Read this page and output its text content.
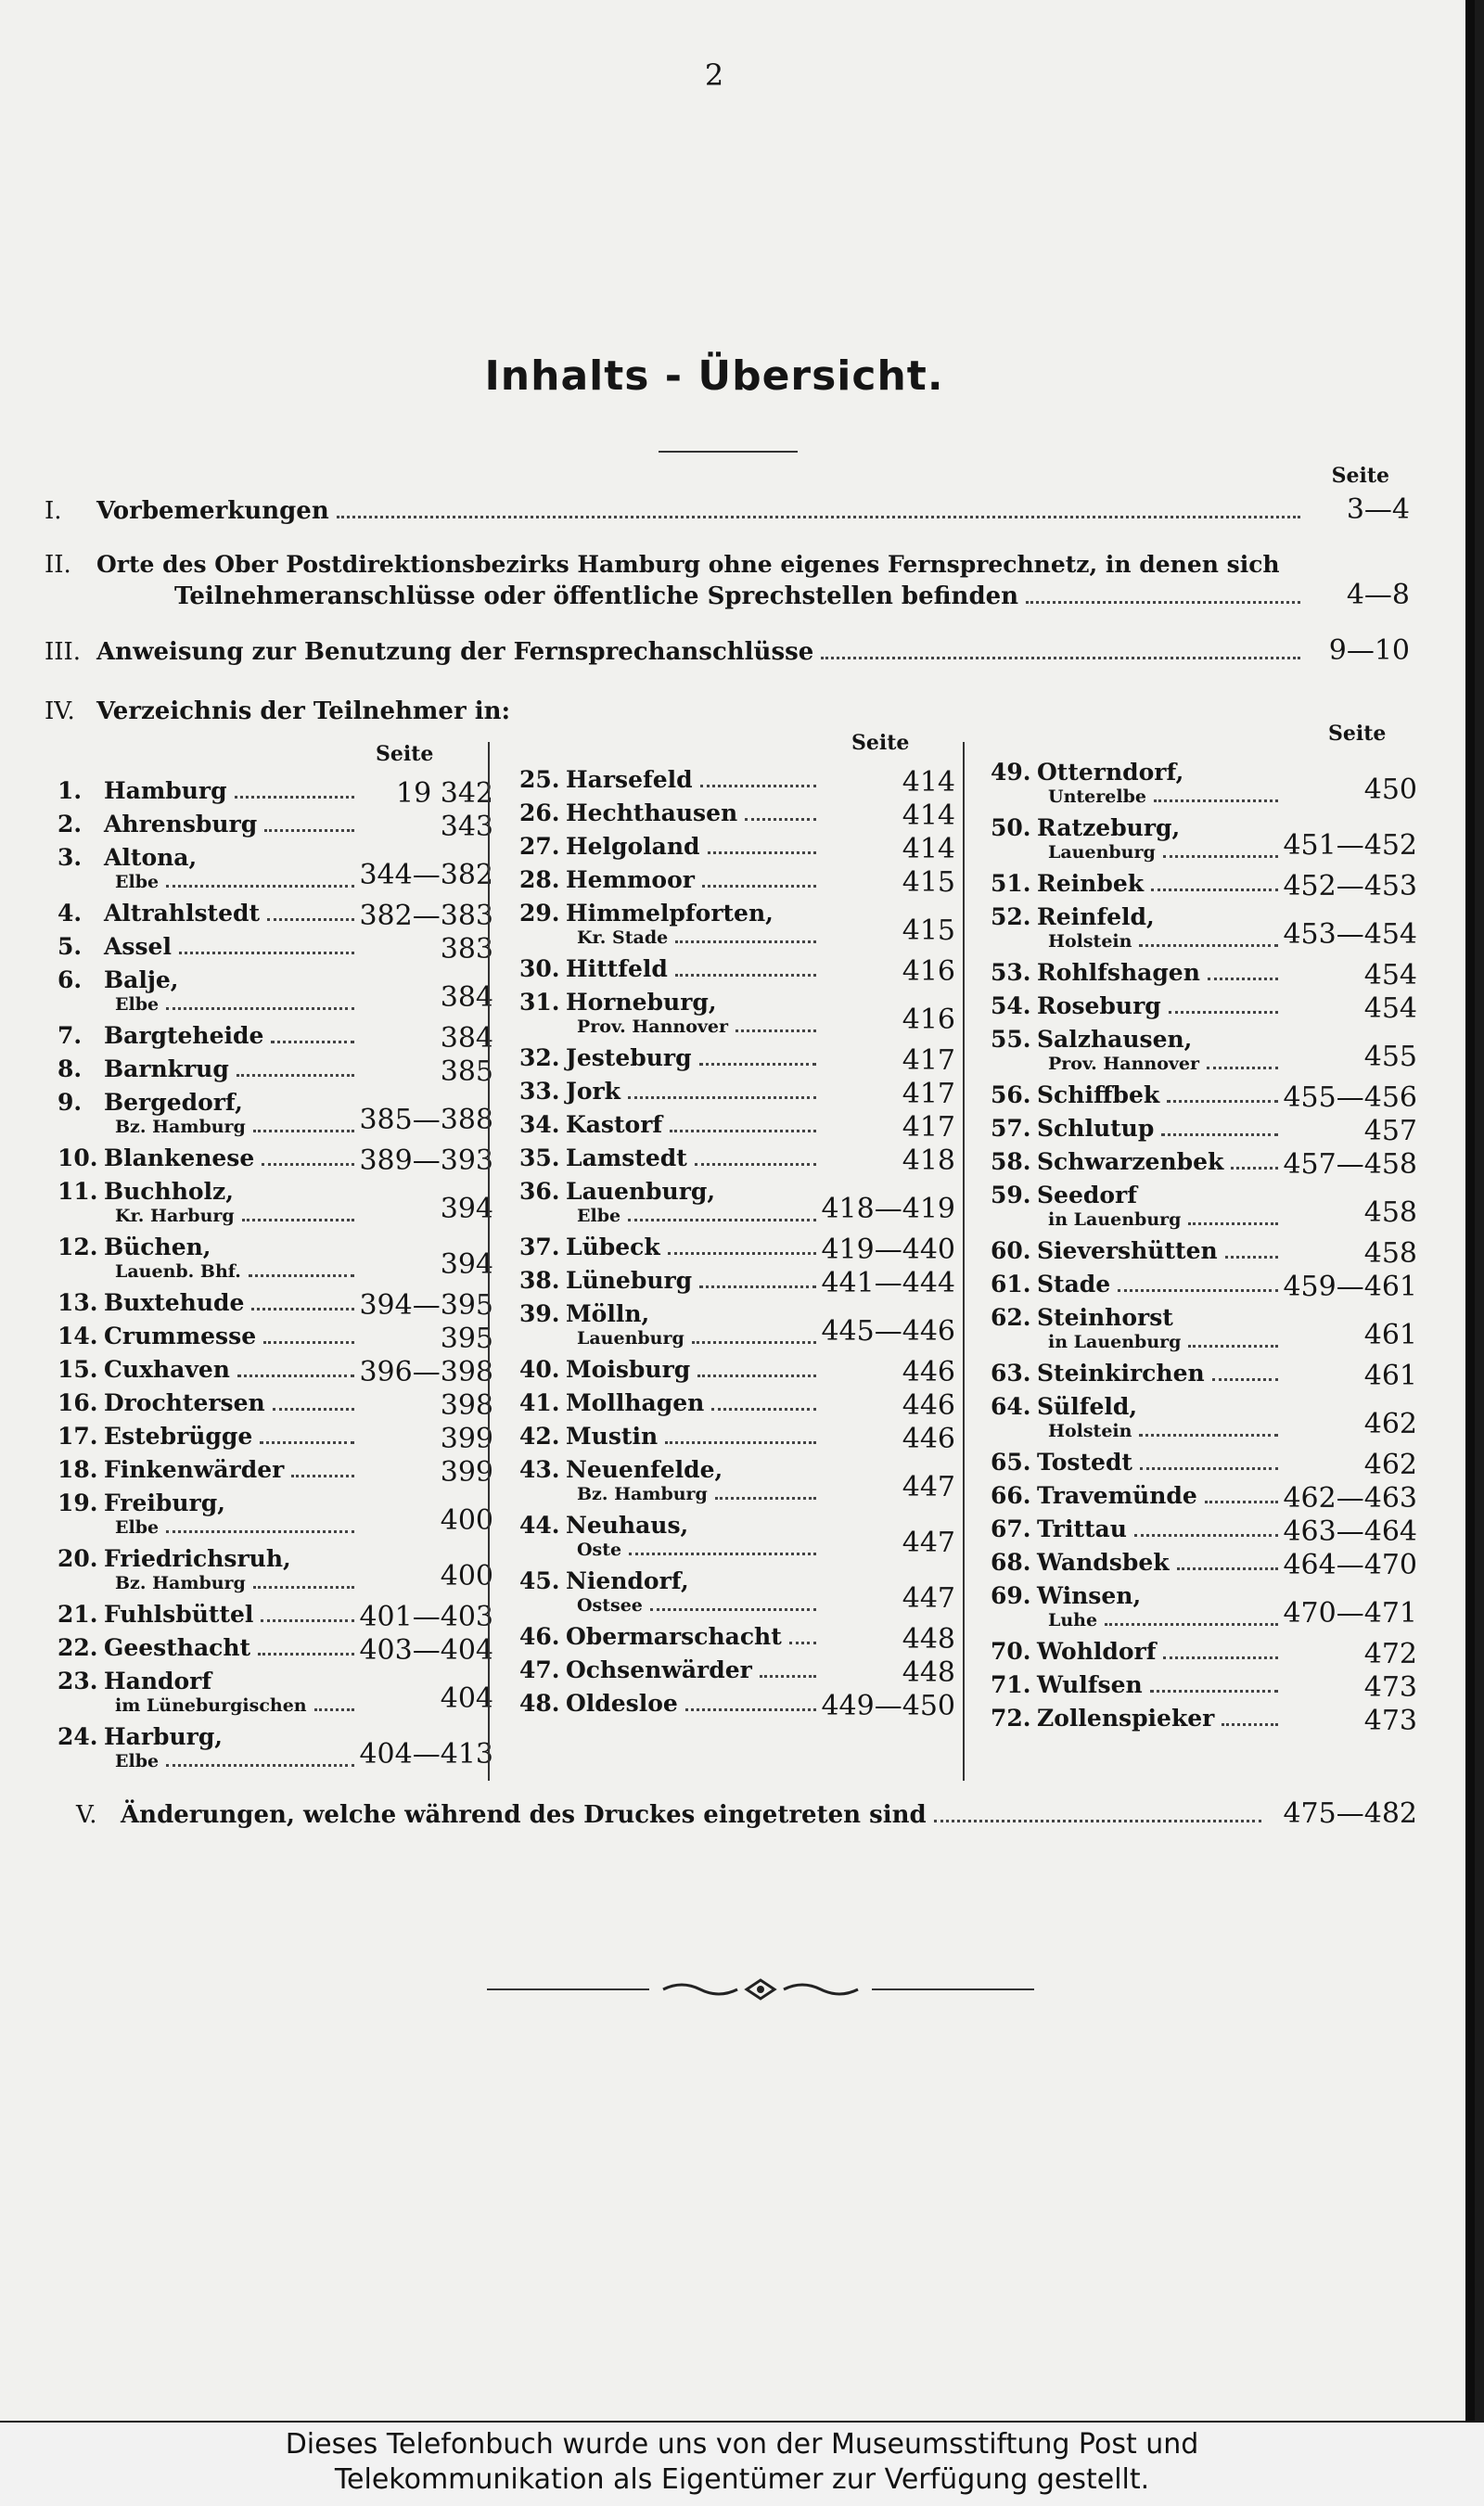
2
Inhalts - Übersicht.
Seite
I.	Vorbemerkungen	3—4
II.	Orte des Ober Postdirektionsbezirks Hamburg ohne eigenes Fernsprechnetz, in denen sich
Teilnehmeranschlüsse oder öffentliche Sprechstellen befinden	4—8
III. Anweisung zur Benutzung der Fernsprechanschlüsse	9—10
IV. Verzeichnis der Teilnehmer in:
Seite	Seite	Seite
1. Hamburg	19 342
2. Ahrensburg	343
3. Altona,
Elbe	344—382
4. Altrahlstedt	382—383
5. Assel	383
6. Balje,
Elbe	384
7. Bargteheide	384
8. Barnkrug	385
9. Bergedorf,
Bz. Hamburg	385—388
10. Blankenese	389—393
11. Buchholz,
Kr. Harburg	394
12. Büchen,
Lauenb. Bhf.	394
13. Buxtehude	394—395
14. Crummesse	395
15. Cuxhaven	396—398
16. Drochtersen	398
17. Estebrügge	399
18. Finkenwärder	399
19. Freiburg,
Elbe	400
20. Friedrichsruh,
Bz. Hamburg	400
21. Fuhlsbüttel	401—403
22. Geesthacht	403—404
23. Handorf
im Lüneburgischen	404
24. Harburg,
Elbe	404—413
25. Harsefeld	414
26. Hechthausen	414
27. Helgoland	414
28. Hemmoor	415
29. Himmelpforten,
Kr. Stade	415
30. Hittfeld	416
31. Horneburg,
Prov. Hannover	416
32. Jesteburg	417
33. Jork	417
34. Kastorf	417
35. Lamstedt	418
36. Lauenburg,
Elbe	418—419
37. Lübeck	419—440
38. Lüneburg	441—444
39. Mölln,
Lauenburg	445—446
40. Moisburg	446
41. Mollhagen	446
42. Mustin	446
43. Neuenfelde,
Bz. Hamburg	447
44. Neuhaus,
Oste	447
45. Niendorf,
Ostsee	447
46. Obermarschacht	448
47. Ochsenwärder	448
48. Oldesloe	449—450
49. Otterndorf,
Unterelbe	450
50. Ratzeburg,
Lauenburg	451—452
51. Reinbek	452—453
52. Reinfeld,
Holstein	453—454
53. Rohlfshagen	454
54. Roseburg	454
55. Salzhausen,
Prov. Hannover	455
56. Schiffbek	455—456
57. Schlutup	457
58. Schwarzenbek 457—458
59. Seedorf
in Lauenburg	458
60. Sievershütten	458
61. Stade	459—461
62. Steinhorst
in Lauenburg	461
63. Steinkirchen	461
64. Sülfeld,
Holstein	462
65. Tostedt	462
66. Travemünde	462—463
67. Trittau	463—464
68. Wandsbek	464—470
69. Winsen,
Luhe	470—471
70. Wohldorf	472
71. Wulfsen	473
72. Zollenspieker	473
V. Änderungen, welche während des Druckes eingetreten sind	475—482
Dieses Telefonbuch wurde uns von der Museumsstiftung Post und
Telekommunikation als Eigentümer zur Verfügung gestellt.
